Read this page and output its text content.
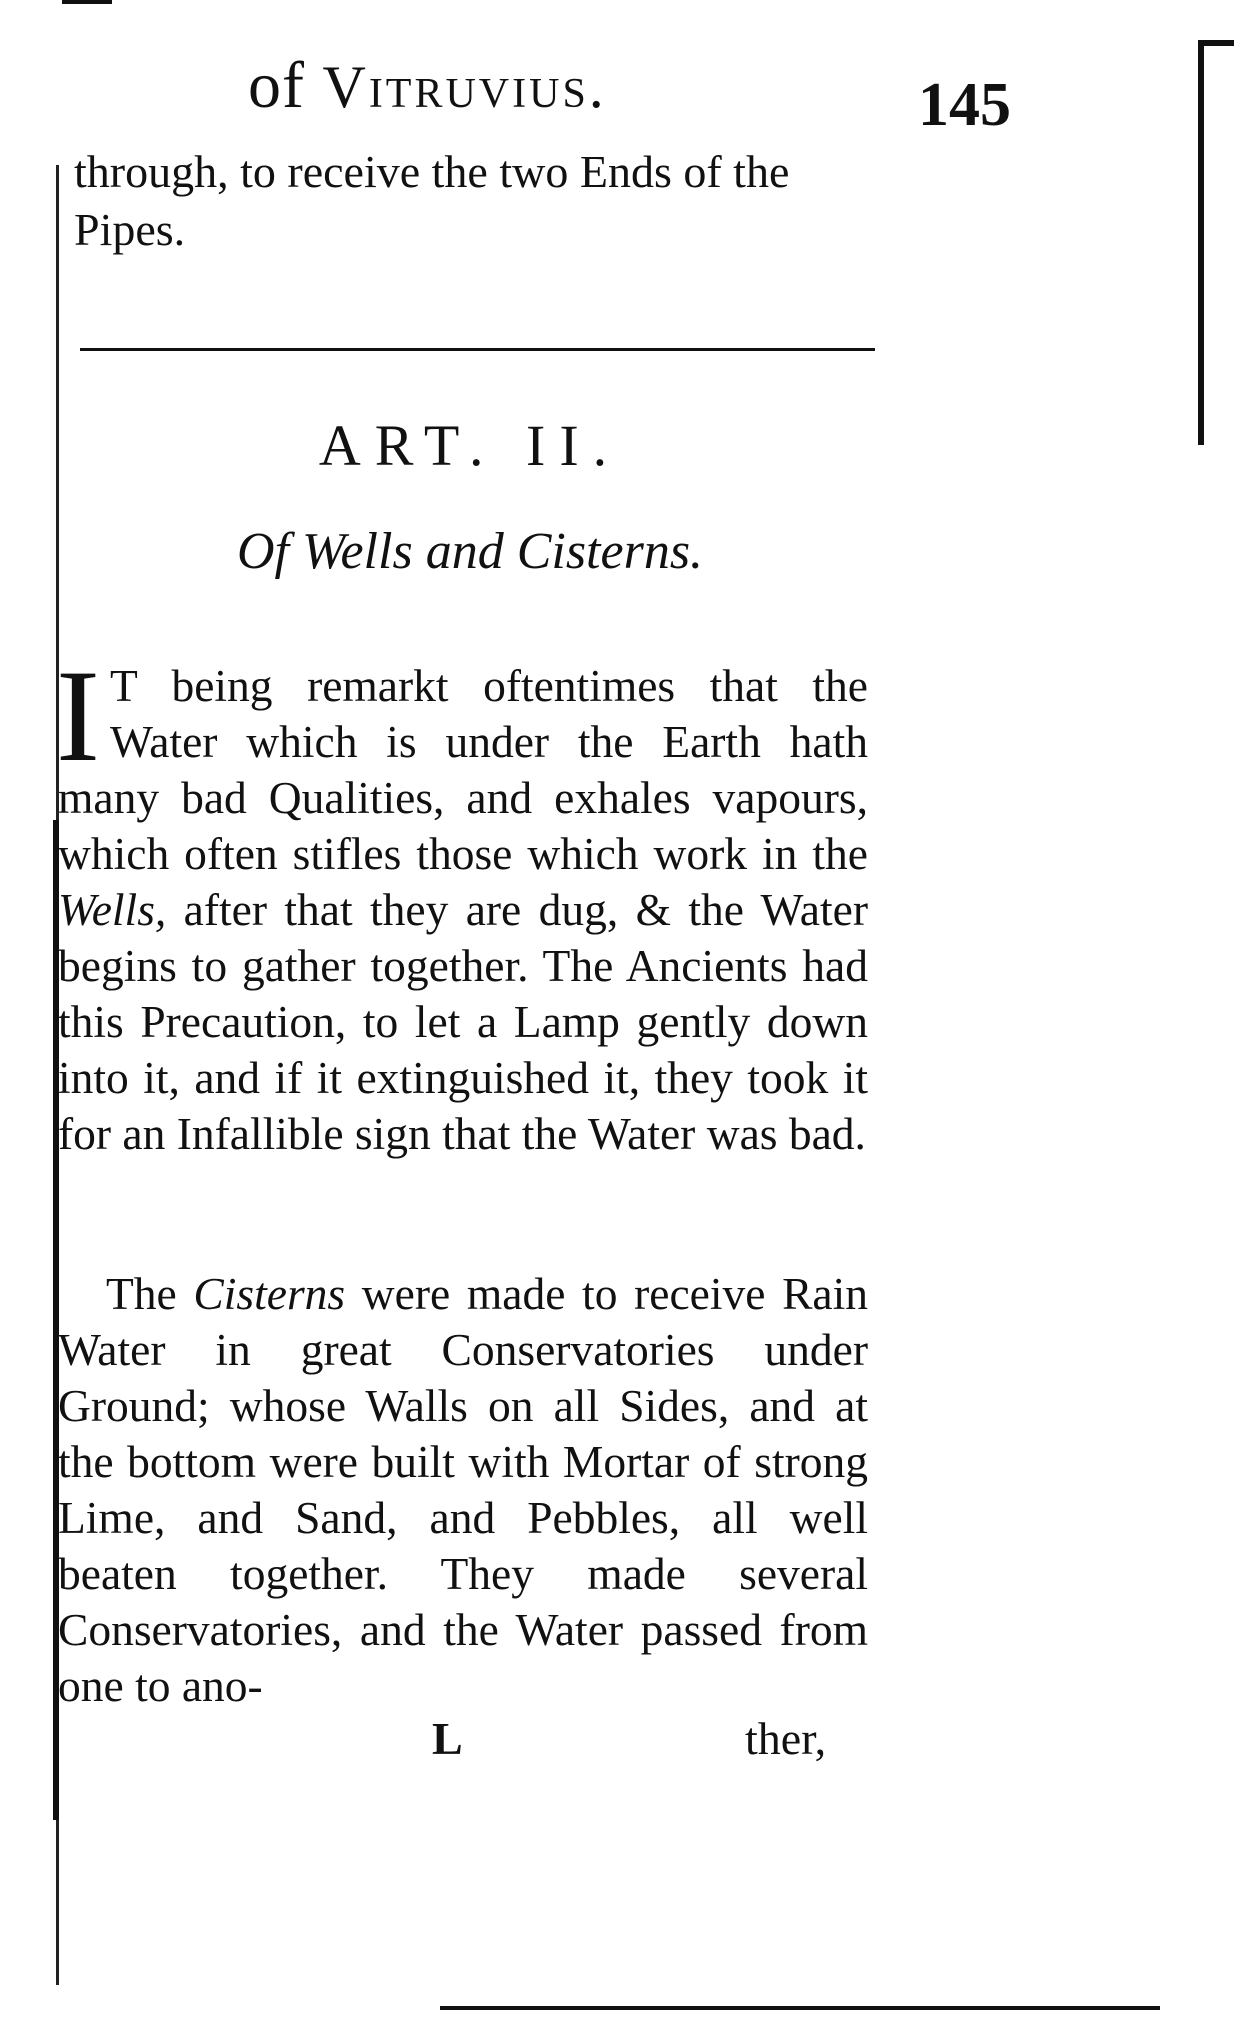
of Vitruvius.	145
through, to receive the two Ends of the Pipes.
ART. II.
Of Wells and Cisterns.
I T being remarkt oftentimes that the Water which is under the Earth hath many bad Qualities, and exhales vapours, which often stifles those which work in the Wells, after that they are dug, & the Water begins to gather together. The Ancients had this Precaution, to let a Lamp gently down into it, and if it extinguished it, they took it for an Infallible sign that the Water was bad.
The Cisterns were made to receive Rain Water in great Conservatories under Ground; whose Walls on all Sides, and at the bottom were built with Mortar of strong Lime, and Sand, and Pebbles, all well beaten together. They made several Conservatories, and the Water passed from one to ano-
L	ther,
